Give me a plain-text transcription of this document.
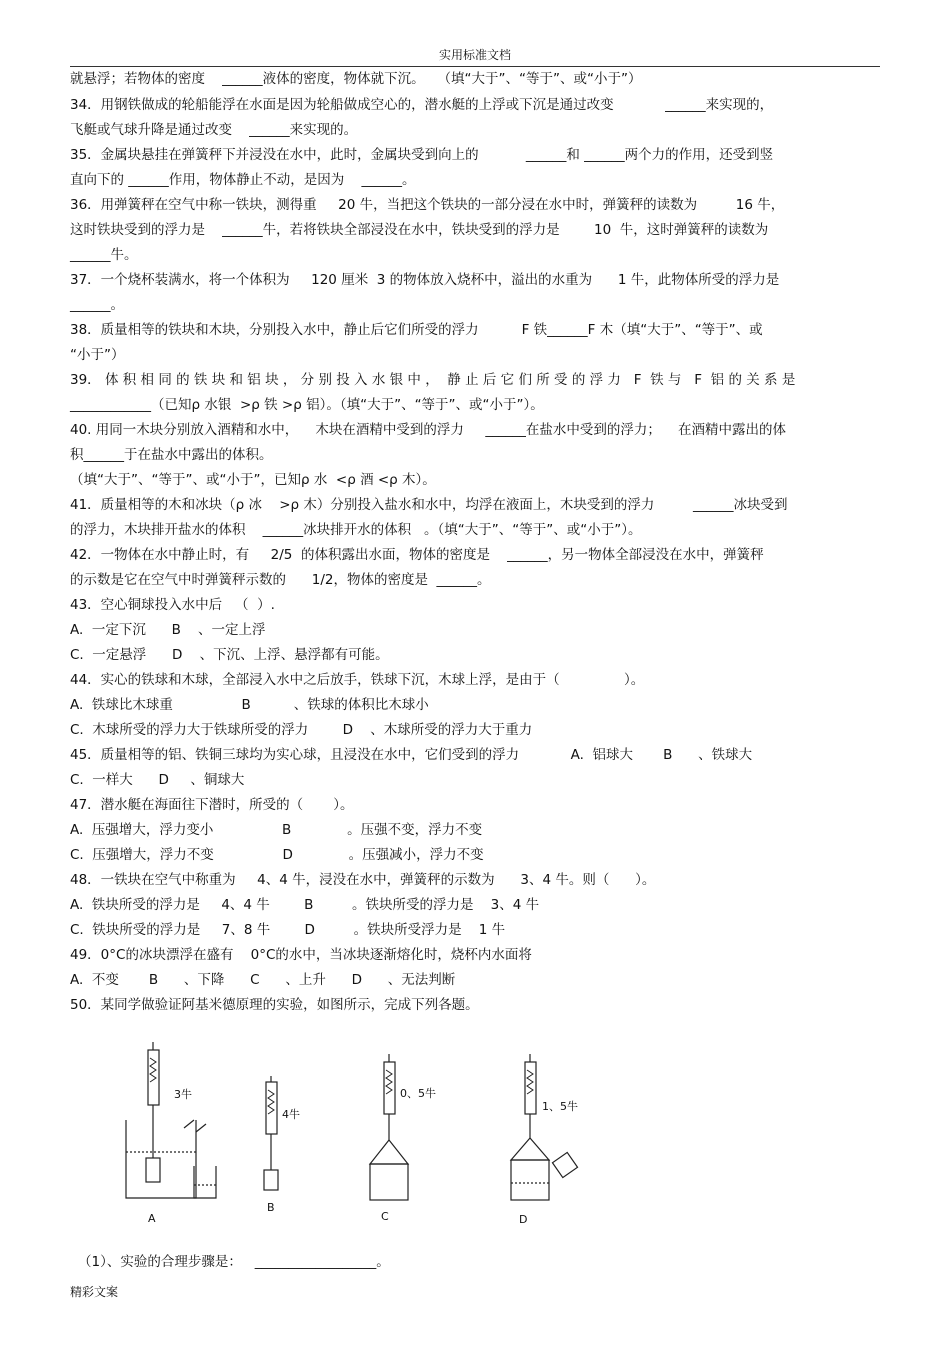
实用标准文档
就悬浮；若物体的密度    ______液体的密度，物体就下沉。   （填“大于”、“等于”、或“小于”）
34．用钢铁做成的轮船能浮在水面是因为轮船做成空心的，潜水艇的上浮或下沉是通过改变            ______来实现的，
飞艇或气球升降是通过改变    ______来实现的。
35．金属块悬挂在弹簧秤下并浸没在水中，此时，金属块受到向上的           ______和 ______两个力的作用，还受到竖
直向下的 ______作用，物体静止不动，是因为    ______。
36．用弹簧秤在空气中称一铁块，测得重     20 牛，当把这个铁块的一部分浸在水中时，弹簧秤的读数为         16 牛，
这时铁块受到的浮力是    ______牛，若将铁块全部浸没在水中，铁块受到的浮力是        10  牛，这时弹簧秤的读数为
______牛。
37．一个烧杯装满水，将一个体积为     120 厘米  3 的物体放入烧杯中，溢出的水重为      1 牛，此物体所受的浮力是
______。
38．质量相等的铁块和木块，分别投入水中，静止后它们所受的浮力          F 铁______F 木（填“大于”、“等于”、或
“小于”）
39． 体 积 相 同 的 铁 块 和 铝 块 ， 分 别 投 入 水 银 中 ，  静 止 后 它 们 所 受 的 浮 力   F  铁 与   F  铝 的 关 系 是
____________（已知ρ 水银  >ρ 铁 >ρ 铝）。（填“大于”、“等于”、或“小于”）。
40. 用同一木块分别放入酒精和水中，    木块在酒精中受到的浮力     ______在盐水中受到的浮力；    在酒精中露出的体
积______于在盐水中露出的体积。
（填“大于”、“等于”、或“小于”，已知ρ 水  <ρ 酒 <ρ 木）。
41．质量相等的木和冰块（ρ 冰    >ρ 木）分别投入盐水和水中，均浮在液面上，木块受到的浮力         ______冰块受到
的浮力，木块排开盐水的体积    ______冰块排开水的体积   。（填“大于”、“等于”、或“小于”）。
42．一物体在水中静止时，有     2/5  的体积露出水面，物体的密度是    ______，另一物体全部浸没在水中，弹簧秤
的示数是它在空气中时弹簧秤示数的      1/2，物体的密度是  ______。
43．空心铜球投入水中后   （  ）.
A.  一定下沉      B    、一定上浮
C.  一定悬浮      D    、下沉、上浮、悬浮都有可能。
44．实心的铁球和木球，全部浸入水中之后放手，铁球下沉，木球上浮，是由于（               ）。
A.  铁球比木球重                B          、铁球的体积比木球小
C.  木球所受的浮力大于铁球所受的浮力        D    、木球所受的浮力大于重力
45．质量相等的铝、铁铜三球均为实心球，且浸没在水中，它们受到的浮力            A.  铝球大       B      、铁球大
C.  一样大      D     、铜球大
47．潜水艇在海面往下潜时，所受的（       ）。
A.  压强增大，浮力变小                B             。压强不变，浮力不变
C.  压强增大，浮力不变                D             。压强减小，浮力不变
48．一铁块在空气中称重为     4、4 牛，浸没在水中，弹簧秤的示数为      3、4 牛。则（      ）。
A.  铁块所受的浮力是     4、4 牛        B         。铁块所受的浮力是    3、4 牛
C.  铁块所受的浮力是     7、8 牛        D         。铁块所受浮力是    1 牛
49．0°C的冰块漂浮在盛有    0°C的水中，当冰块逐渐熔化时，烧杯内水面将
A.  不变       B      、下降      C      、上升      D      、无法判断
50．某同学做验证阿基米德原理的实验，如图所示，完成下列各题。
3牛
4牛
0、5牛
1、5牛
A
B
C	D
（1）、实验的合理步骤是：   __________________。
精彩文案
